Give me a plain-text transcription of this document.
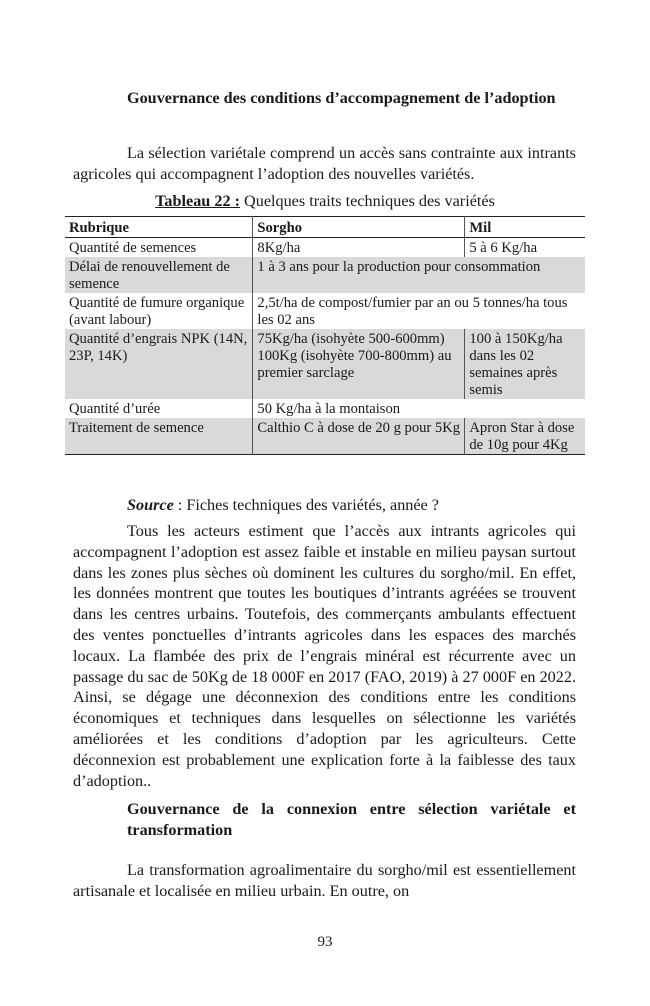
Gouvernance des conditions d’accompagnement de l’adoption

La sélection variétale comprend un accès sans contrainte aux intrants agricoles qui accompagnent l’adoption des nouvelles variétés.

Tableau 22 : Quelques traits techniques des variétés
Rubrique	Sorgho	Mil
Quantité de semences	8Kg/ha	5 à 6 Kg/ha
Délai de renouvellement de semence	1 à 3 ans pour la production pour consommation	
Quantité de fumure organique (avant labour)	2,5t/ha de compost/fumier par an ou 5 tonnes/ha tous les 02 ans	
Quantité d’engrais NPK (14N, 23P, 14K)	75Kg/ha (isohyète 500-600mm) 100Kg (isohyète 700-800mm) au premier sarclage	100 à 150Kg/ha dans les 02 semaines après semis
Quantité d’urée	50 Kg/ha à la montaison	
Traitement de semence	Calthio C à dose de 20 g pour 5Kg	Apron Star à dose de 10g pour 4Kg
Source : Fiches techniques des variétés, année ?

Tous les acteurs estiment que l’accès aux intrants agricoles qui accompagnent l’adoption est assez faible et instable en milieu paysan surtout dans les zones plus sèches où dominent les cultures du sorgho/mil. En effet, les données montrent que toutes les boutiques d’intrants agréées se trouvent dans les centres urbains. Toutefois, des commerçants ambulants effectuent des ventes ponctuelles d’intrants agricoles dans les espaces des marchés locaux. La flambée des prix de l’engrais minéral est récurrente avec un passage du sac de 50Kg de 18 000F en 2017 (FAO, 2019) à 27 000F en 2022. Ainsi, se dégage une déconnexion des conditions entre les conditions économiques et techniques dans lesquelles on sélectionne les variétés améliorées et les conditions d’adoption par les agriculteurs. Cette déconnexion est probablement une explication forte à la faiblesse des taux d’adoption..

Gouvernance de la connexion entre sélection variétale et transformation

La transformation agroalimentaire du sorgho/mil est essentiellement artisanale et localisée en milieu urbain. En outre, on

93
